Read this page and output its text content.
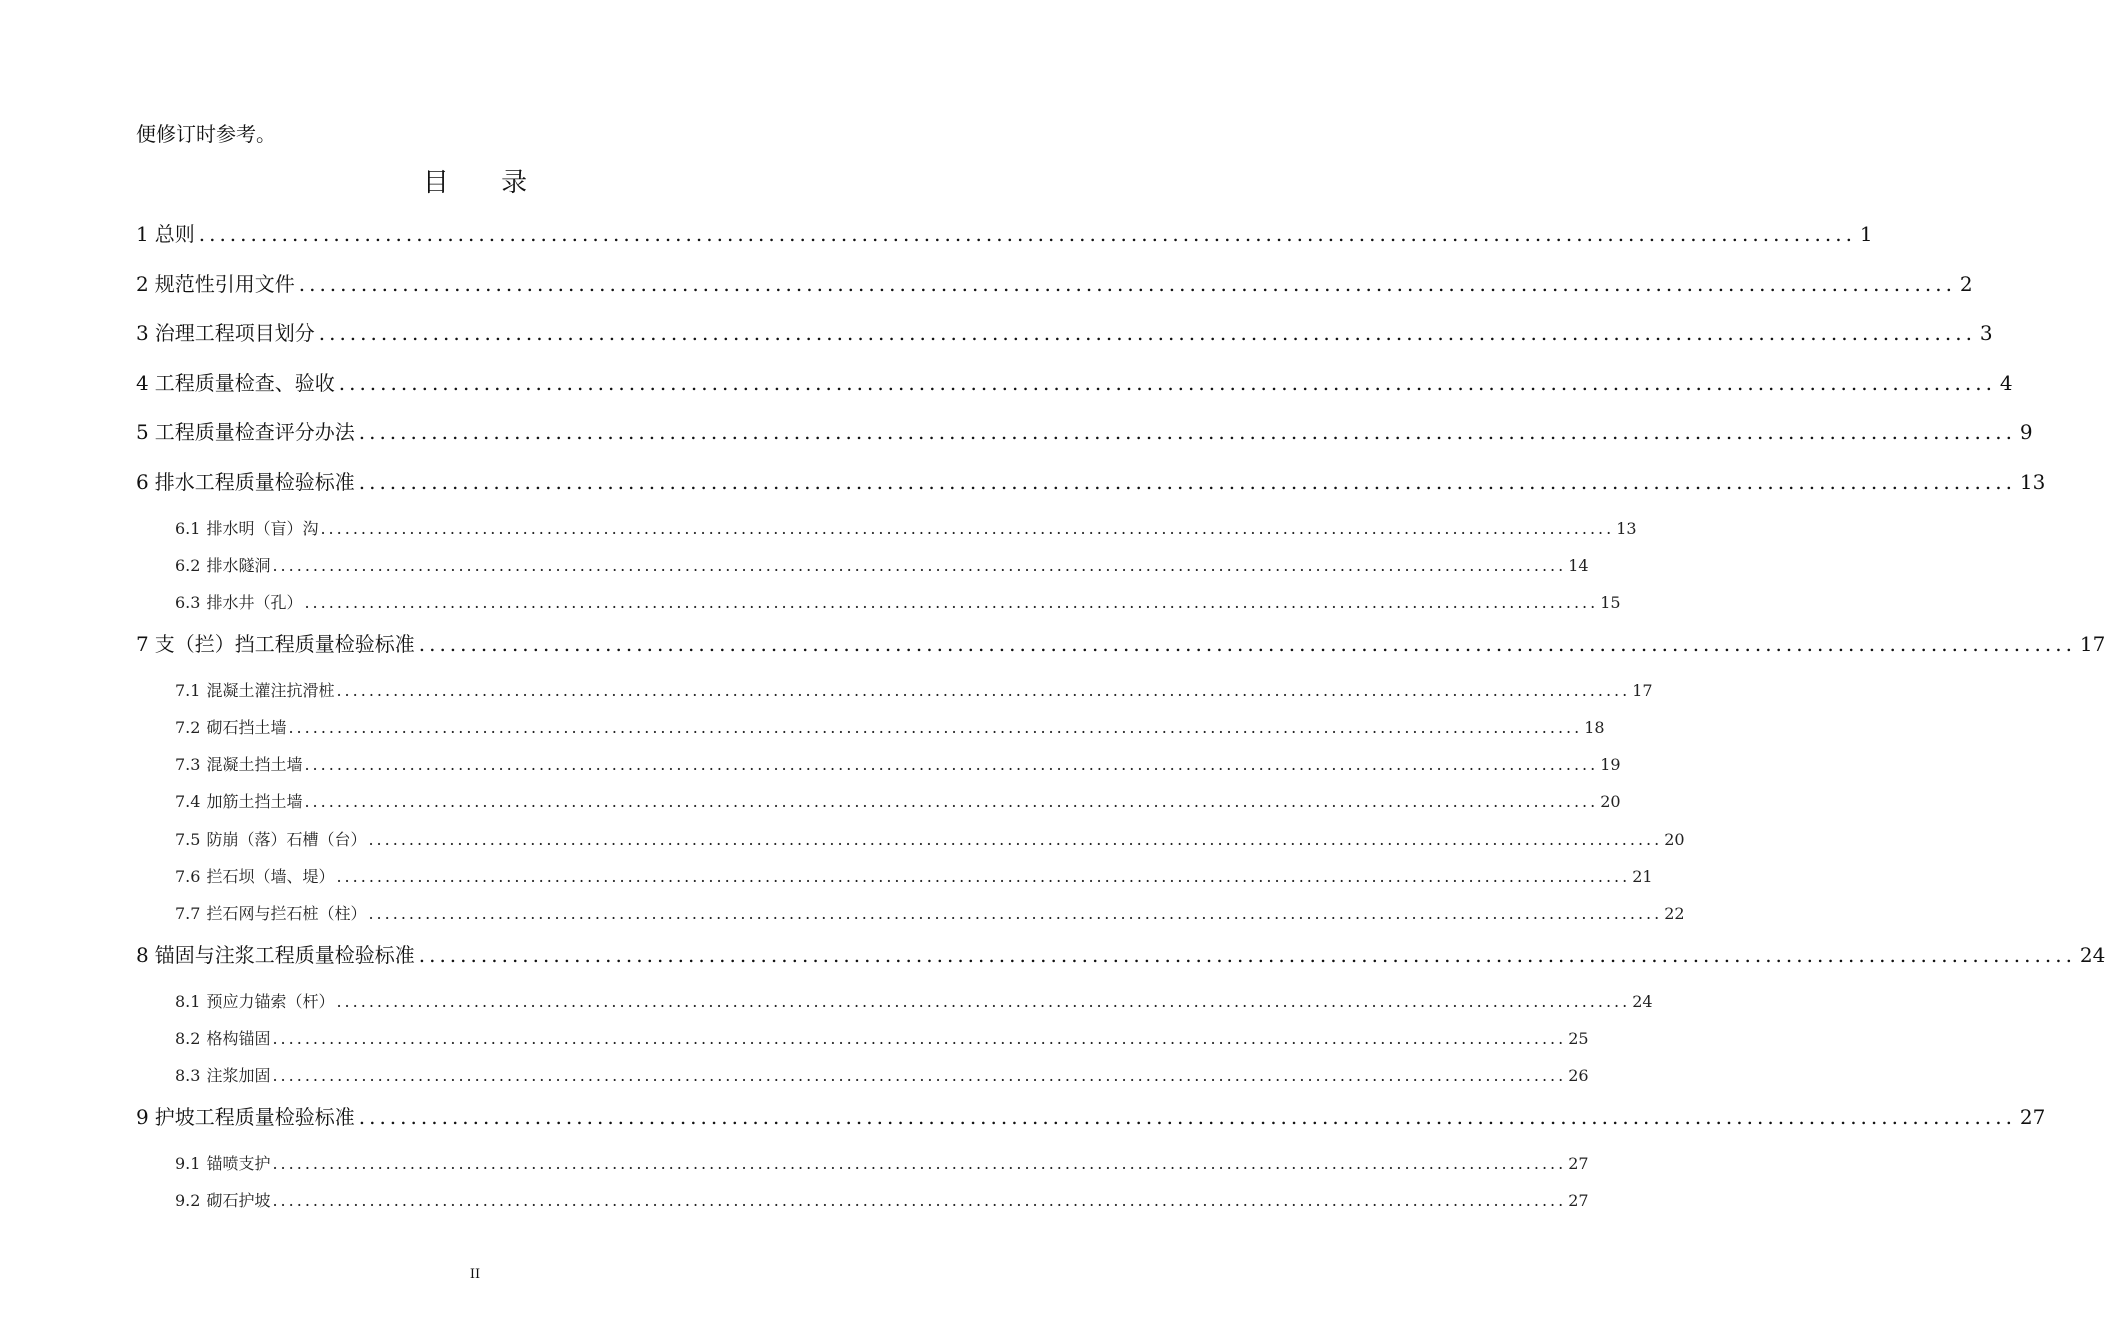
便修订时参考。
目 录
1 总则 ................................................................................................................................................................ 1
2 规范性引用文件 ................................................................................................................................................................ 2
3 治理工程项目划分 ................................................................................................................................................................ 3
4 工程质量检查、验收 ................................................................................................................................................................ 4
5 工程质量检查评分办法 ................................................................................................................................................................ 9
6 排水工程质量检验标准 ................................................................................................................................................................ 13
6.1 排水明（盲）沟 ................................................................................................................................................................ 13
6.2 排水隧洞 ................................................................................................................................................................ 14
6.3 排水井（孔） ................................................................................................................................................................ 15
7 支（拦）挡工程质量检验标准 ................................................................................................................................................................ 17
7.1 混凝土灌注抗滑桩 ................................................................................................................................................................ 17
7.2 砌石挡土墙 ................................................................................................................................................................ 18
7.3 混凝土挡土墙 ................................................................................................................................................................ 19
7.4 加筋土挡土墙 ................................................................................................................................................................ 20
7.5 防崩（落）石槽（台） ................................................................................................................................................................ 20
7.6 拦石坝（墙、堤） ................................................................................................................................................................ 21
7.7 拦石网与拦石桩（柱） ................................................................................................................................................................ 22
8 锚固与注浆工程质量检验标准 ................................................................................................................................................................ 24
8.1 预应力锚索（杆） ................................................................................................................................................................ 24
8.2 格构锚固 ................................................................................................................................................................ 25
8.3 注浆加固 ................................................................................................................................................................ 26
9 护坡工程质量检验标准 ................................................................................................................................................................ 27
9.1 锚喷支护 ................................................................................................................................................................ 27
9.2 砌石护坡 ................................................................................................................................................................ 27
II
